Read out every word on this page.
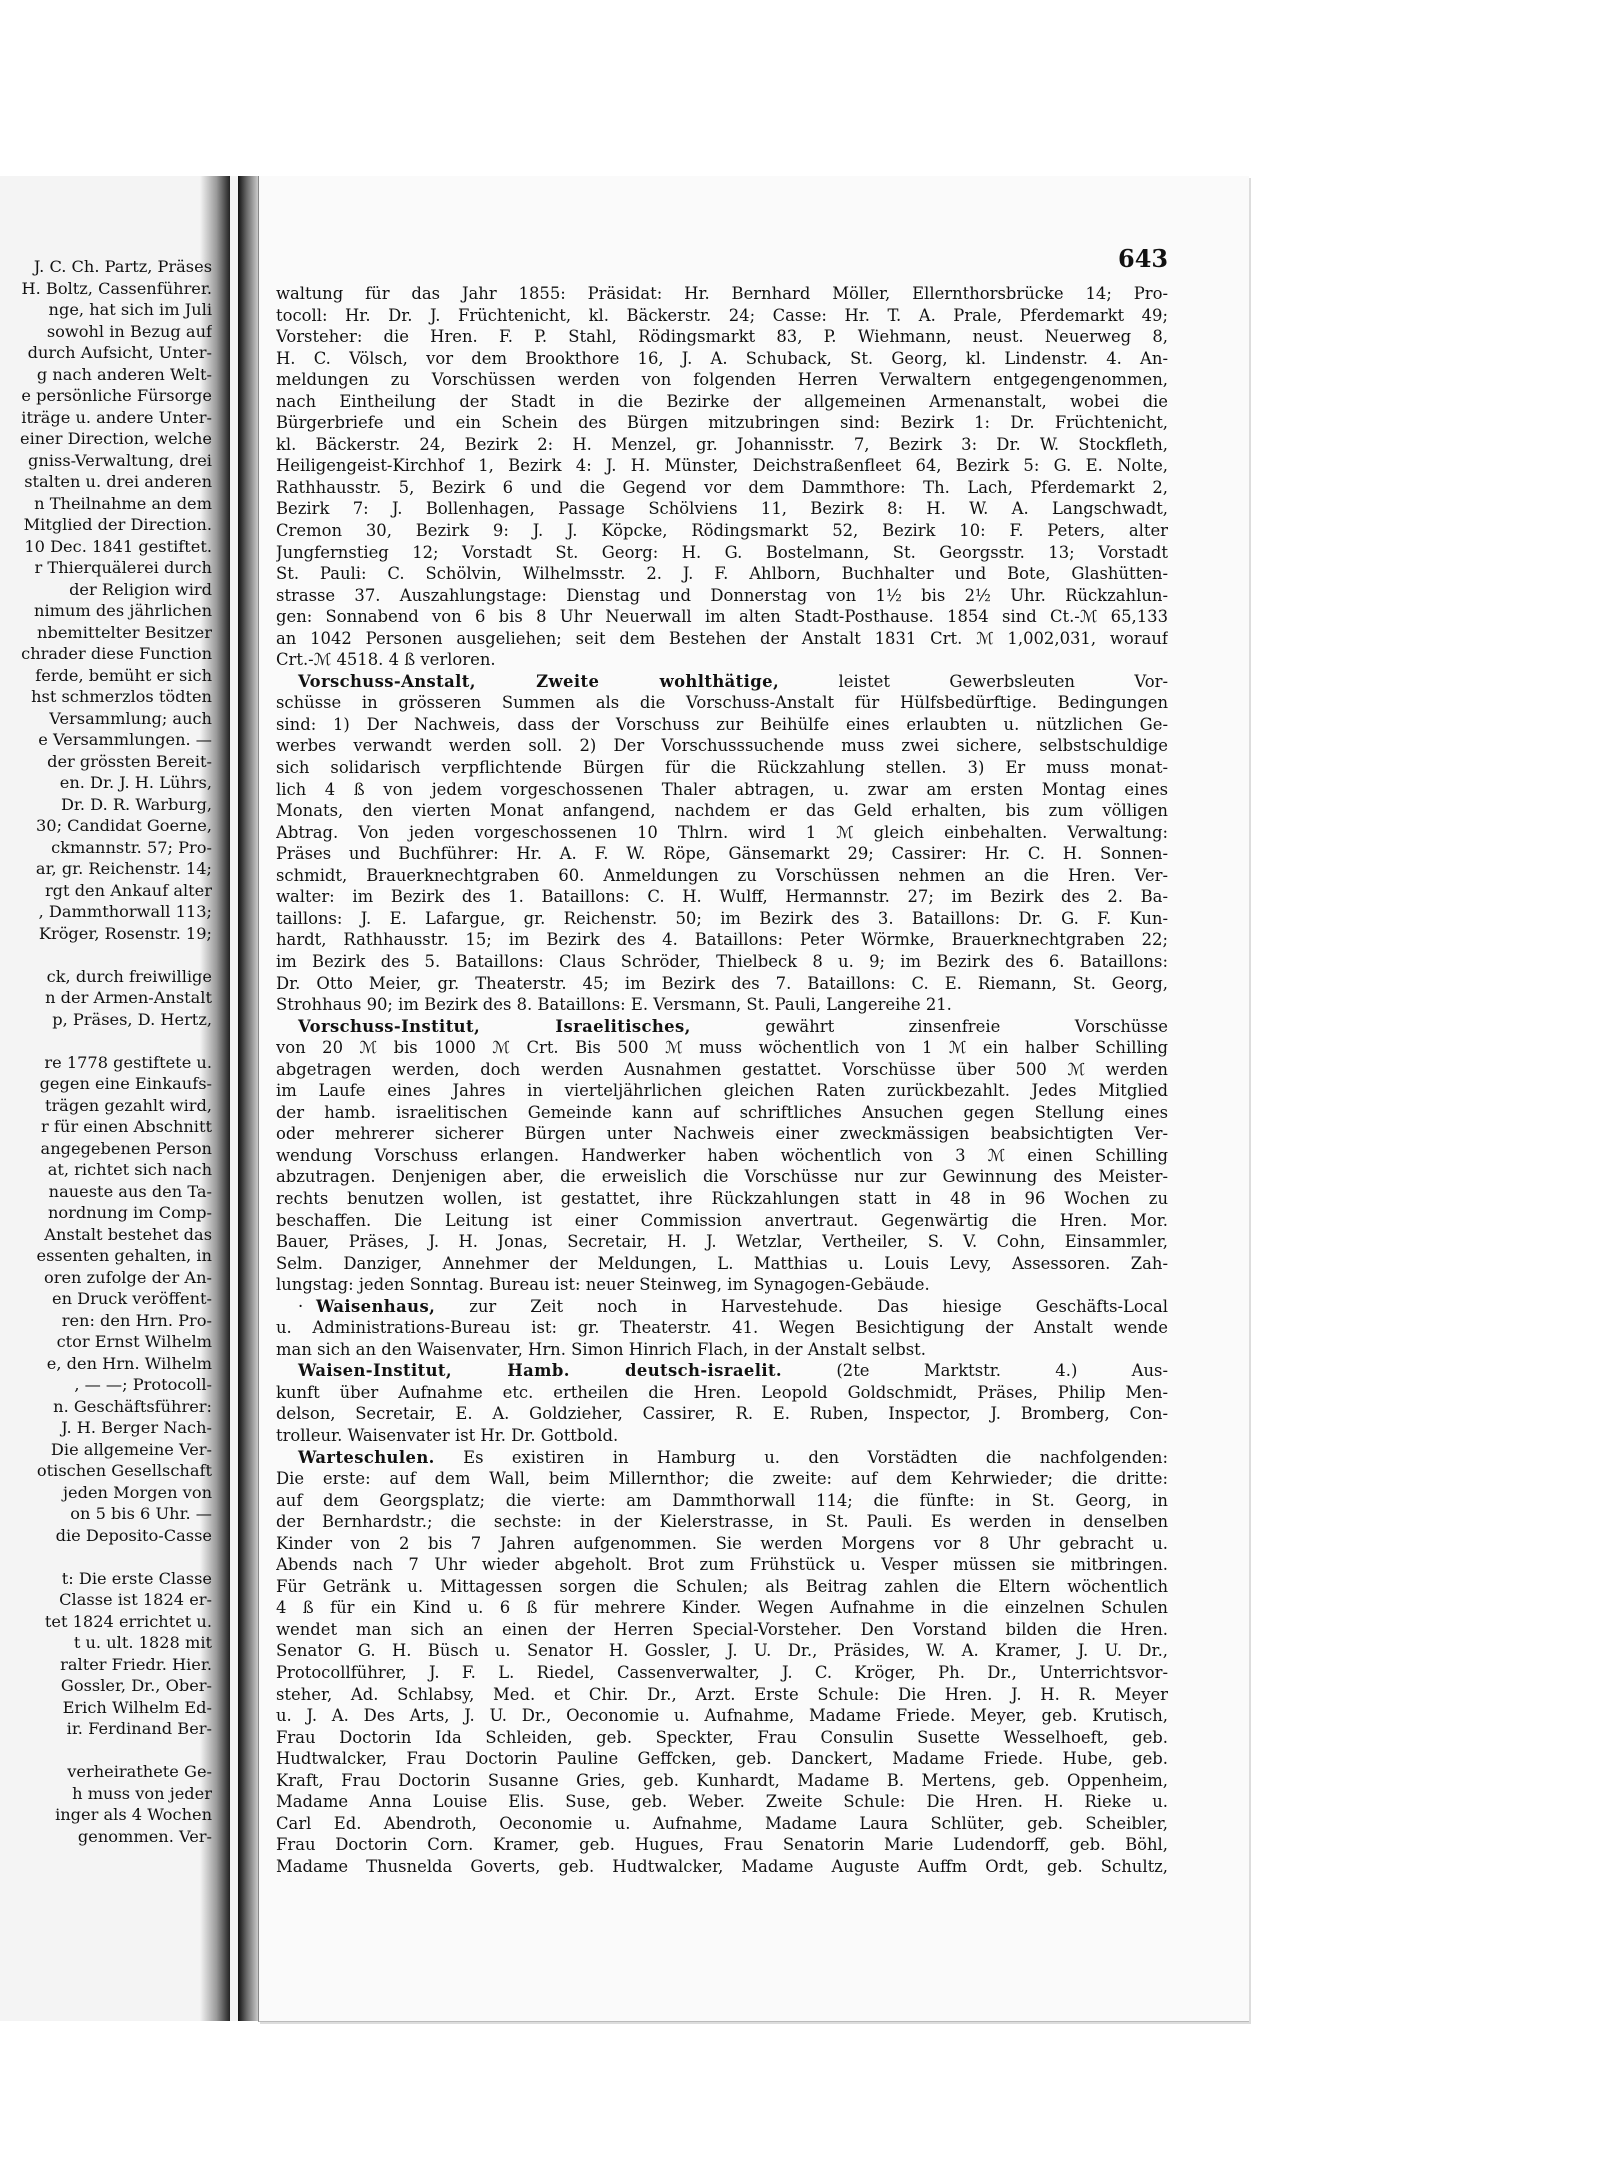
J. C. Ch. Partz, Präses
H. Boltz, Cassenführer.
nge, hat sich im Juli
sowohl in Bezug auf
durch Aufsicht, Unter-
g nach anderen Welt-
e persönliche Fürsorge
iträge u. andere Unter-
einer Direction, welche
gniss-Verwaltung, drei
stalten u. drei anderen
n Theilnahme an dem
Mitglied der Direction.
10 Dec. 1841 gestiftet.
r Thierquälerei durch
der Religion wird
nimum des jährlichen
nbemittelter Besitzer
chrader diese Function
ferde, bemüht er sich
hst schmerzlos tödten
Versammlung; auch
e Versammlungen. —
der grössten Bereit-
en. Dr. J. H. Lührs,
Dr. D. R. Warburg,
30; Candidat Goerne,
ckmannstr. 57; Pro-
ar, gr. Reichenstr. 14;
rgt den Ankauf alter
, Dammthorwall 113;
Kröger, Rosenstr. 19;
ck, durch freiwillige
n der Armen-Anstalt
p, Präses, D. Hertz,
re 1778 gestiftete u.
gegen eine Einkaufs-
trägen gezahlt wird,
r für einen Abschnitt
angegebenen Person
at, richtet sich nach
naueste aus den Ta-
nordnung im Comp-
Anstalt bestehet das
essenten gehalten, in
oren zufolge der An-
en Druck veröffent-
ren: den Hrn. Pro-
ctor Ernst Wilhelm
e, den Hrn. Wilhelm
, — —; Protocoll-
n. Geschäftsführer:
J. H. Berger Nach-
Die allgemeine Ver-
otischen Gesellschaft
jeden Morgen von
on 5 bis 6 Uhr. —
die Deposito-Casse
t: Die erste Classe
Classe ist 1824 er-
tet 1824 errichtet u.
t u. ult. 1828 mit
ralter Friedr. Hier.
Gossler, Dr., Ober-
Erich Wilhelm Ed-
ir. Ferdinand Ber-
verheirathete Ge-
h muss von jeder
inger als 4 Wochen
genommen. Ver-
643
waltung für das Jahr 1855: Präsidat: Hr. Bernhard Möller, Ellernthorsbrücke 14; Pro-
tocoll: Hr. Dr. J. Früchtenicht, kl. Bäckerstr. 24; Casse: Hr. T. A. Prale, Pferdemarkt 49;
Vorsteher: die Hren. F. P. Stahl, Rödingsmarkt 83, P. Wiehmann, neust. Neuerweg 8,
H. C. Völsch, vor dem Brookthore 16, J. A. Schuback, St. Georg, kl. Lindenstr. 4. An-
meldungen zu Vorschüssen werden von folgenden Herren Verwaltern entgegengenommen,
nach Eintheilung der Stadt in die Bezirke der allgemeinen Armenanstalt, wobei die
Bürgerbriefe und ein Schein des Bürgen mitzubringen sind: Bezirk 1: Dr. Früchtenicht,
kl. Bäckerstr. 24, Bezirk 2: H. Menzel, gr. Johannisstr. 7, Bezirk 3: Dr. W. Stockfleth,
Heiligengeist-Kirchhof 1, Bezirk 4: J. H. Münster, Deichstraßenfleet 64, Bezirk 5: G. E. Nolte,
Rathhausstr. 5, Bezirk 6 und die Gegend vor dem Dammthore: Th. Lach, Pferdemarkt 2,
Bezirk 7: J. Bollenhagen, Passage Schölviens 11, Bezirk 8: H. W. A. Langschwadt,
Cremon 30, Bezirk 9: J. J. Köpcke, Rödingsmarkt 52, Bezirk 10: F. Peters, alter
Jungfernstieg 12; Vorstadt St. Georg: H. G. Bostelmann, St. Georgsstr. 13; Vorstadt
St. Pauli: C. Schölvin, Wilhelmsstr. 2. J. F. Ahlborn, Buchhalter und Bote, Glashütten-
strasse 37. Auszahlungstage: Dienstag und Donnerstag von 1½ bis 2½ Uhr. Rückzahlun-
gen: Sonnabend von 6 bis 8 Uhr Neuerwall im alten Stadt-Posthause. 1854 sind Ct.-ℳ 65,133
an 1042 Personen ausgeliehen; seit dem Bestehen der Anstalt 1831 Crt. ℳ 1,002,031, worauf
Crt.-ℳ 4518. 4 ß verloren.
Vorschuss-Anstalt, Zweite wohlthätige,	leistet Gewerbsleuten Vor-
schüsse in grösseren Summen als die Vorschuss-Anstalt für Hülfsbedürftige. Bedingungen
sind: 1) Der Nachweis, dass der Vorschuss zur Beihülfe eines erlaubten u. nützlichen Ge-
werbes verwandt werden soll. 2) Der Vorschusssuchende muss zwei sichere, selbstschuldige
sich solidarisch verpflichtende Bürgen für die Rückzahlung stellen. 3) Er muss monat-
lich 4 ß von jedem vorgeschossenen Thaler abtragen, u. zwar am ersten Montag eines
Monats, den vierten Monat anfangend, nachdem er das Geld erhalten, bis zum völligen
Abtrag. Von jeden vorgeschossenen 10 Thlrn. wird 1 ℳ gleich einbehalten. Verwaltung:
Präses und Buchführer: Hr. A. F. W. Röpe, Gänsemarkt 29; Cassirer: Hr. C. H. Sonnen-
schmidt, Brauerknechtgraben 60. Anmeldungen zu Vorschüssen nehmen an die Hren. Ver-
walter: im Bezirk des 1. Bataillons: C. H. Wulff, Hermannstr. 27; im Bezirk des 2. Ba-
taillons: J. E. Lafargue, gr. Reichenstr. 50; im Bezirk des 3. Bataillons: Dr. G. F. Kun-
hardt, Rathhausstr. 15; im Bezirk des 4. Bataillons: Peter Wörmke, Brauerknechtgraben 22;
im Bezirk des 5. Bataillons: Claus Schröder, Thielbeck 8 u. 9; im Bezirk des 6. Bataillons:
Dr. Otto Meier, gr. Theaterstr. 45; im Bezirk des 7. Bataillons: C. E. Riemann, St. Georg,
Strohhaus 90; im Bezirk des 8. Bataillons: E. Versmann, St. Pauli, Langereihe 21.
Vorschuss-Institut, Israelitisches,	gewährt zinsenfreie Vorschüsse
von 20 ℳ bis 1000 ℳ Crt. Bis 500 ℳ muss wöchentlich von 1 ℳ ein halber Schilling
abgetragen werden, doch werden Ausnahmen gestattet. Vorschüsse über 500 ℳ werden
im Laufe eines Jahres in vierteljährlichen gleichen Raten zurückbezahlt. Jedes Mitglied
der hamb. israelitischen Gemeinde kann auf schriftliches Ansuchen gegen Stellung eines
oder mehrerer sicherer Bürgen unter Nachweis einer zweckmässigen beabsichtigten Ver-
wendung Vorschuss erlangen. Handwerker haben wöchentlich von 3 ℳ einen Schilling
abzutragen. Denjenigen aber, die erweislich die Vorschüsse nur zur Gewinnung des Meister-
rechts benutzen wollen, ist gestattet, ihre Rückzahlungen statt in 48 in 96 Wochen zu
beschaffen. Die Leitung ist einer Commission anvertraut. Gegenwärtig die Hren. Mor.
Bauer, Präses, J. H. Jonas, Secretair, H. J. Wetzlar, Vertheiler, S. V. Cohn, Einsammler,
Selm. Danziger, Annehmer der Meldungen, L. Matthias u. Louis Levy, Assessoren. Zah-
lungstag: jeden Sonntag. Bureau ist: neuer Steinweg, im Synagogen-Gebäude.
· Waisenhaus, zur Zeit noch in Harvestehude. Das hiesige Geschäfts-Local
u. Administrations-Bureau ist: gr. Theaterstr. 41. Wegen Besichtigung der Anstalt wende
man sich an den Waisenvater, Hrn. Simon Hinrich Flach, in der Anstalt selbst.
Waisen-Institut, Hamb. deutsch-israelit.	(2te Marktstr. 4.) Aus-
kunft über Aufnahme etc. ertheilen die Hren. Leopold Goldschmidt, Präses, Philip Men-
delson, Secretair, E. A. Goldzieher, Cassirer, R. E. Ruben, Inspector, J. Bromberg, Con-
trolleur. Waisenvater ist Hr. Dr. Gottbold.
Warteschulen. Es existiren in Hamburg u. den Vorstädten die nachfolgenden:
Die erste: auf dem Wall, beim Millernthor; die zweite: auf dem Kehrwieder; die dritte:
auf dem Georgsplatz; die vierte: am Dammthorwall 114; die fünfte: in St. Georg, in
der Bernhardstr.; die sechste: in der Kielerstrasse, in St. Pauli. Es werden in denselben
Kinder von 2 bis 7 Jahren aufgenommen. Sie werden Morgens vor 8 Uhr gebracht u.
Abends nach 7 Uhr wieder abgeholt. Brot zum Frühstück u. Vesper müssen sie mitbringen.
Für Getränk u. Mittagessen sorgen die Schulen; als Beitrag zahlen die Eltern wöchentlich
4 ß für ein Kind u. 6 ß für mehrere Kinder. Wegen Aufnahme in die einzelnen Schulen
wendet man sich an einen der Herren Special-Vorsteher. Den Vorstand bilden die Hren.
Senator G. H. Büsch u. Senator H. Gossler, J. U. Dr., Präsides, W. A. Kramer, J. U. Dr.,
Protocollführer, J. F. L. Riedel, Cassenverwalter, J. C. Kröger, Ph. Dr., Unterrichtsvor-
steher, Ad. Schlabsy, Med. et Chir. Dr., Arzt. Erste Schule: Die Hren. J. H. R. Meyer
u. J. A. Des Arts, J. U. Dr., Oeconomie u. Aufnahme, Madame Friede. Meyer, geb. Krutisch,
Frau Doctorin Ida Schleiden, geb. Speckter, Frau Consulin Susette Wesselhoeft, geb.
Hudtwalcker, Frau Doctorin Pauline Geffcken, geb. Danckert, Madame Friede. Hube, geb.
Kraft, Frau Doctorin Susanne Gries, geb. Kunhardt, Madame B. Mertens, geb. Oppenheim,
Madame Anna Louise Elis. Suse, geb. Weber. Zweite Schule: Die Hren. H. Rieke u.
Carl Ed. Abendroth, Oeconomie u. Aufnahme, Madame Laura Schlüter, geb. Scheibler,
Frau Doctorin Corn. Kramer, geb. Hugues, Frau Senatorin Marie Ludendorff, geb. Böhl,
Madame Thusnelda Goverts, geb. Hudtwalcker, Madame Auguste Auffm Ordt, geb. Schultz,
